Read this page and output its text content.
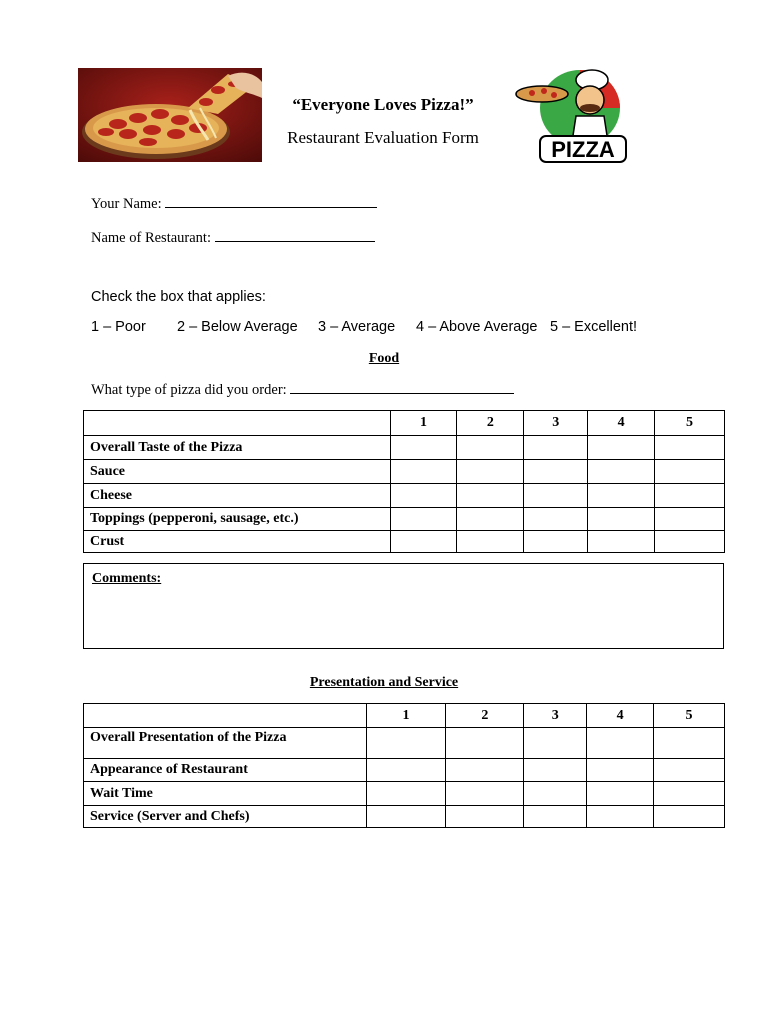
“Everyone Loves Pizza!”
Restaurant Evaluation Form	PIZZA
Your Name:
Name of Restaurant:
Check the box that applies:
1 – Poor 2 – Below Average 3 – Average 4 – Above Average 5 – Excellent!
Food
What type of pizza did you order:
	1	2	3	4	5
Overall Taste of the Pizza					
Sauce					
Cheese					
Toppings (pepperoni, sausage, etc.)					
Crust					
Comments:
Presentation and Service
	1	2	3	4	5
Overall Presentation of the Pizza					
Appearance of Restaurant					
Wait Time					
Service (Server and Chefs)					
